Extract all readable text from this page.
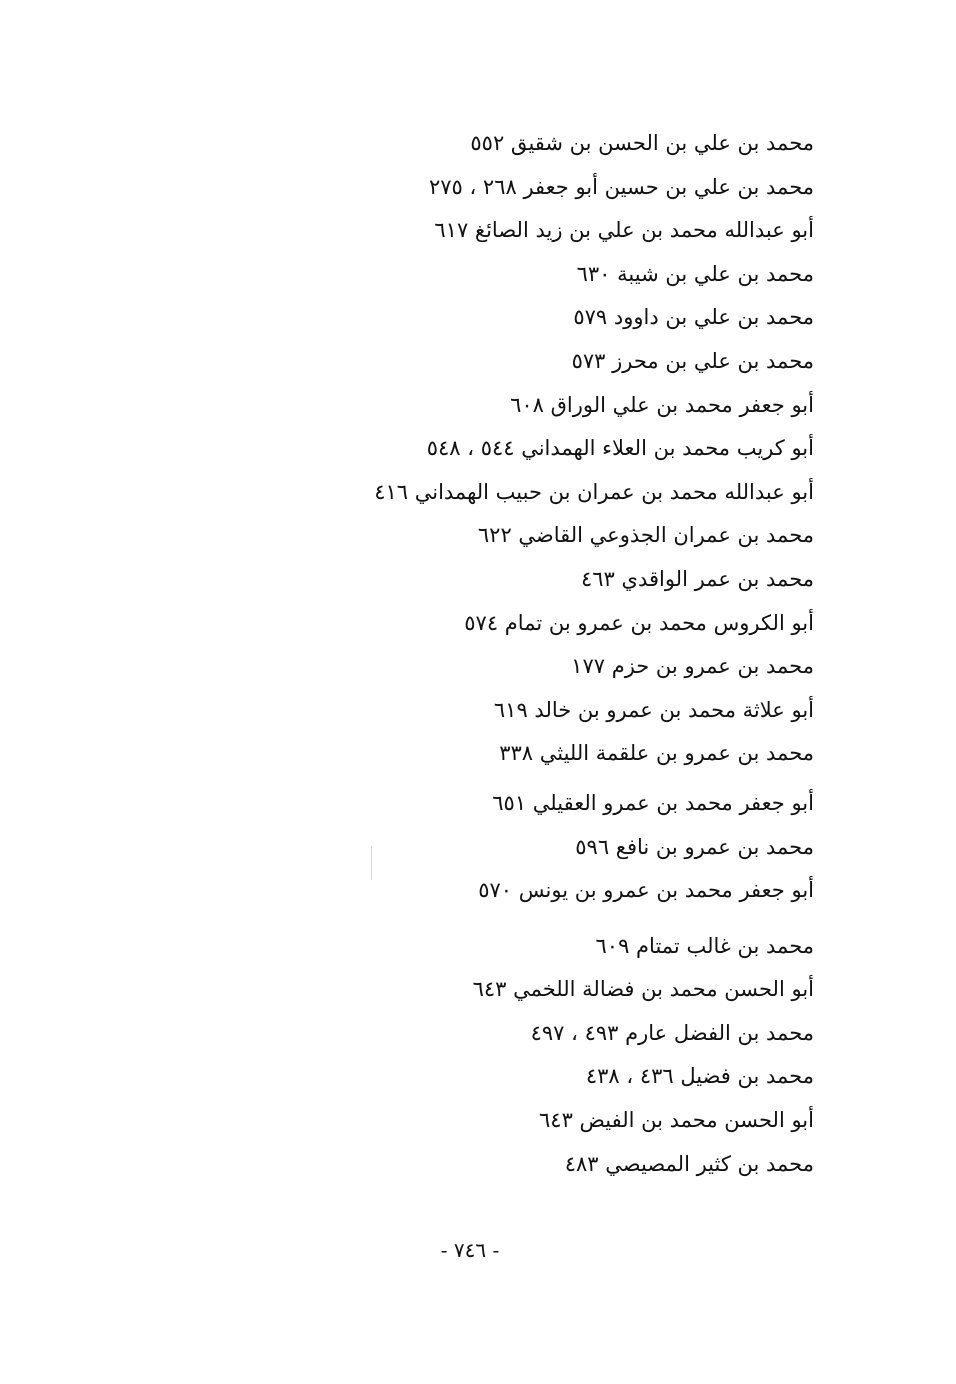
محمد بن علي بن الحسن بن شقيق ٥٥٢
محمد بن علي بن حسين أبو جعفر ٢٦٨ ، ٢٧٥
أبو عبدالله محمد بن علي بن زيد الصائغ ٦١٧
محمد بن علي بن شيبة ٦٣٠
محمد بن علي بن داوود ٥٧٩
محمد بن علي بن محرز ٥٧٣
أبو جعفر محمد بن علي الوراق ٦٠٨
أبو كريب محمد بن العلاء الهمداني ٥٤٤ ، ٥٤٨
أبو عبدالله محمد بن عمران بن حبيب الهمداني ٤١٦
محمد بن عمران الجذوعي القاضي ٦٢٢
محمد بن عمر الواقدي ٤٦٣
أبو الكروس محمد بن عمرو بن تمام ٥٧٤
محمد بن عمرو بن حزم ١٧٧
أبو علاثة محمد بن عمرو بن خالد ٦١٩
محمد بن عمرو بن علقمة الليثي ٣٣٨
أبو جعفر محمد بن عمرو العقيلي ٦٥١
محمد بن عمرو بن نافع ٥٩٦
أبو جعفر محمد بن عمرو بن يونس ٥٧٠
محمد بن غالب تمتام ٦٠٩
أبو الحسن محمد بن فضالة اللخمي ٦٤٣
محمد بن الفضل عارم ٤٩٣ ، ٤٩٧
محمد بن فضيل ٤٣٦ ، ٤٣٨
أبو الحسن محمد بن الفيض ٦٤٣
محمد بن كثير المصيصي ٤٨٣
- ٧٤٦ -
